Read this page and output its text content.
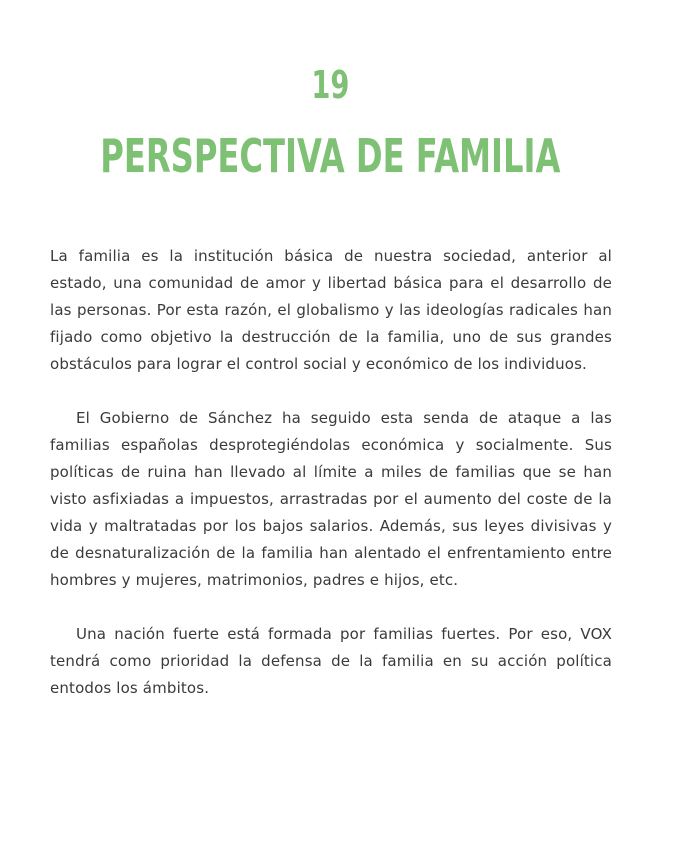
19
PERSPECTIVA DE FAMILIA

La familia es la institución básica de nuestra sociedad, anterior al estado, una comunidad de amor y libertad básica para el desarrollo de las personas. Por esta razón, el globalismo y las ideologías radicales han fijado como objetivo la destrucción de la familia, uno de sus grandes obstáculos para lograr el control social y económico de los individuos.

El Gobierno de Sánchez ha seguido esta senda de ataque a las familias españolas desprotegiéndolas económica y socialmente. Sus políticas de ruina han llevado al límite a miles de familias que se han visto asfixiadas a impuestos, arrastradas por el aumento del coste de la vida y maltratadas por los bajos salarios. Además, sus leyes divisivas y de desnaturalización de la familia han alentado el enfrentamiento entre hombres y mujeres, matrimonios, padres e hijos, etc.

Una nación fuerte está formada por familias fuertes. Por eso, VOX tendrá como prioridad la defensa de la familia en su acción política entodos los ámbitos.
